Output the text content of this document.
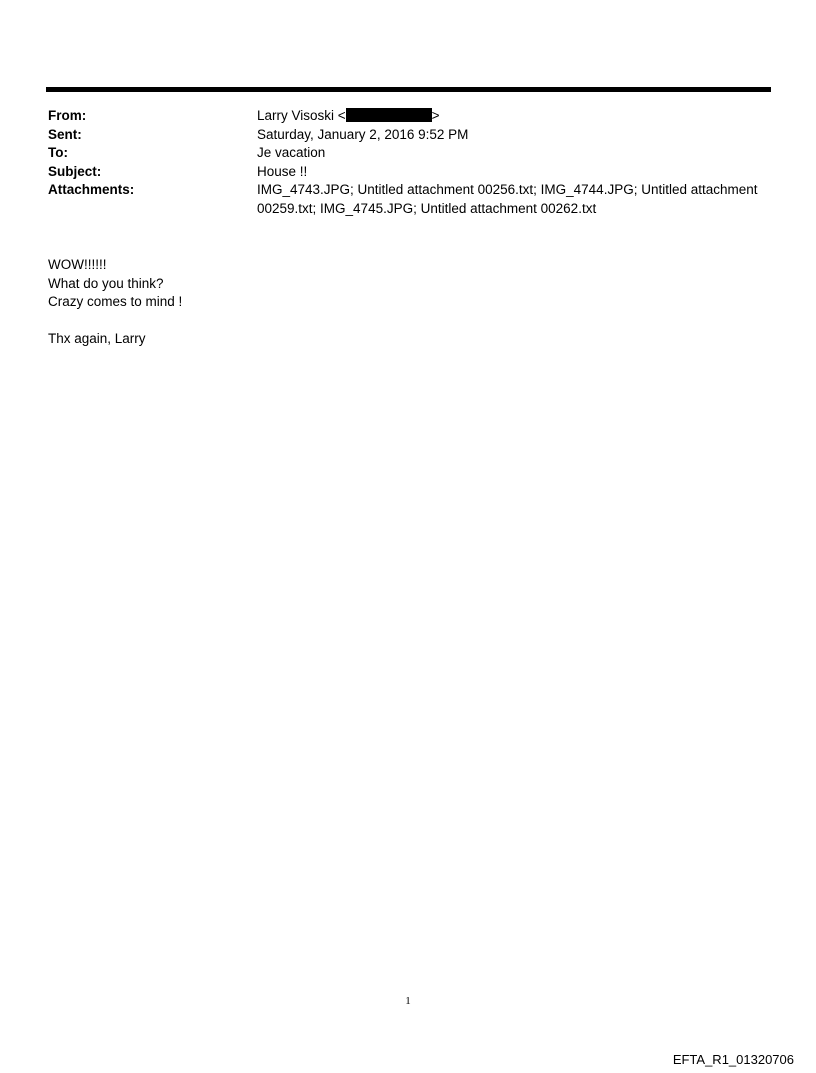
From:	Larry Visoski <	>
Sent:	Saturday, January 2, 2016 9:52 PM
To:	Je vacation
Subject:	House !!
Attachments:	IMG_4743.JPG; Untitled attachment 00256.txt; IMG_4744.JPG; Untitled attachment 00259.txt; IMG_4745.JPG; Untitled attachment 00262.txt
WOW!!!!!!
What do you think?
Crazy comes to mind !
Thx again, Larry
1
EFTA_R1_01320706
